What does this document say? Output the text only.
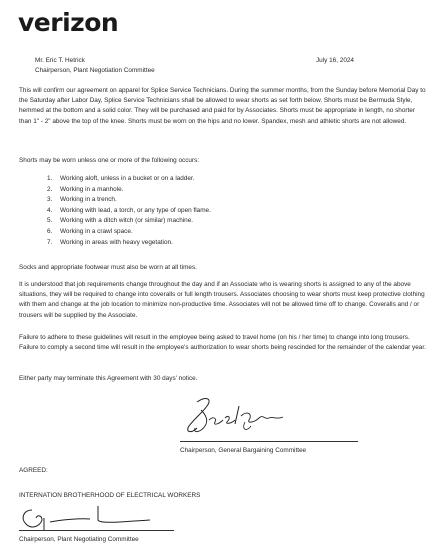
verizon
Mr. Eric T. Hetrick
Chairperson, Plant Negotiation Committee
July 16, 2024
This will confirm our agreement on apparel for Splice Service Technicians. During the summer months, from the Sunday before Memorial Day to the Saturday after Labor Day, Splice Service Technicians shall be allowed to wear shorts as set forth below. Shorts must be Bermuda Style, hemmed at the bottom and a solid color. They will be purchased and paid for by Associates. Shorts must be appropriate in length, no shorter than 1" - 2" above the top of the knee. Shorts must be worn on the hips and no lower. Spandex, mesh and athletic shorts are not allowed.
Shorts may be worn unless one or more of the following occurs:
1. Working aloft, unless in a bucket or on a ladder.
2. Working in a manhole.
3. Working in a trench.
4. Working with lead, a torch, or any type of open flame.
5. Working with a ditch witch (or similar) machine.
6. Working in a crawl space.
7. Working in areas with heavy vegetation.
Socks and appropriate footwear must also be worn at all times.
It is understood that job requirements change throughout the day and if an Associate who is wearing shorts is assigned to any of the above situations, they will be required to change into coveralls or full length trousers. Associates choosing to wear shorts must keep protective clothing with them and change at the job location to minimize non-productive time. Associates will not be allowed time off to change. Coveralls and / or trousers will be supplied by the Associate.
Failure to adhere to these guidelines will result in the employee being asked to travel home (on his / her time) to change into long trousers. Failure to comply a second time will result in the employee's authorization to wear shorts being rescinded for the remainder of the calendar year.
Either party may terminate this Agreement with 30 days' notice.
Chairperson, General Bargaining Committee
AGREED:
INTERNATION BROTHERHOOD OF ELECTRICAL WORKERS
Chairperson, Plant Negotiating Committee
